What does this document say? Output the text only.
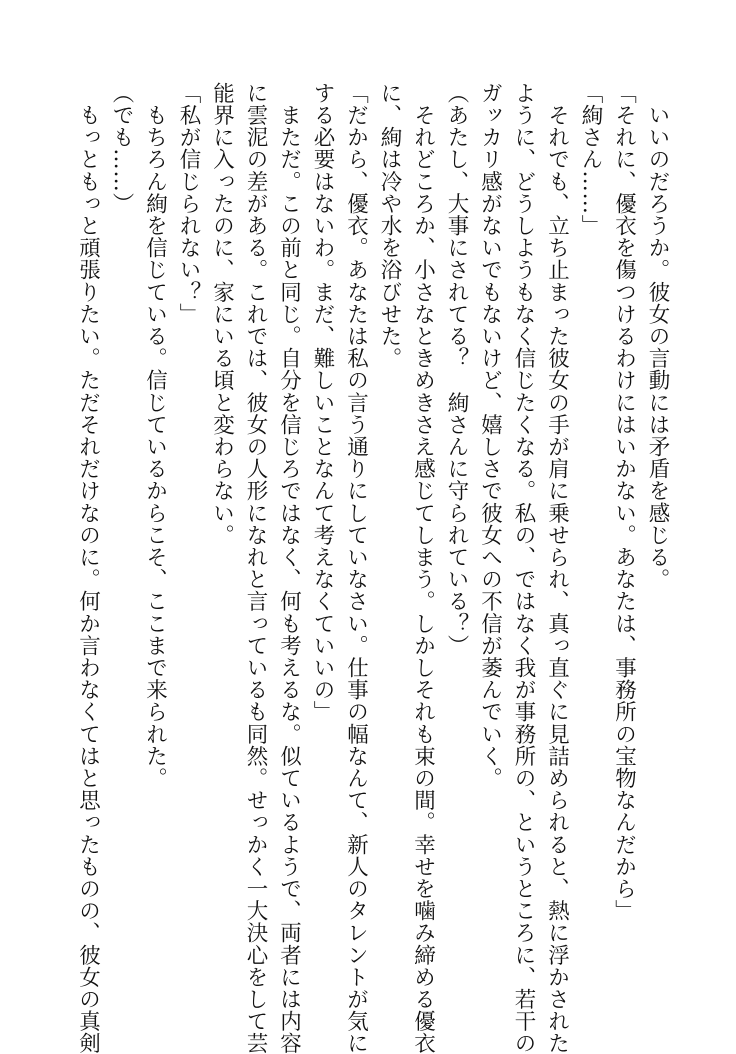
　いいのだろうか。彼女の言動には矛盾を感じる。

「それに、優衣を傷つけるわけにはいかない。あなたは、事務所の宝物なんだから」

「絢さん……」

　それでも、立ち止まった彼女の手が肩に乗せられ、真っ直ぐに見詰められると、熱に浮かされた

ように、どうしようもなく信じたくなる。私の、ではなく我が事務所の、というところに、若干の

ガッカリ感がないでもないけど、嬉しさで彼女への不信が萎んでいく。

（あたし、大事にされてる？　絢さんに守られている？）

　それどころか、小さなときめきさえ感じてしまう。しかしそれも束の間。幸せを噛み締める優衣

に、絢は冷や水を浴びせた。

「だから、優衣。あなたは私の言う通りにしていなさい。仕事の幅なんて、新人のタレントが気に

する必要はないわ。まだ、難しいことなんて考えなくていいの」

　まただ。この前と同じ。自分を信じろではなく、何も考えるな。似ているようで、両者には内容

に雲泥の差がある。これでは、彼女の人形になれと言っているも同然。せっかく一大決心をして芸

能界に入ったのに、家にいる頃と変わらない。

「私が信じられない？」

　もちろん絢を信じている。信じているからこそ、ここまで来られた。

（でも……）

　もっともっと頑張りたい。ただそれだけなのに。何か言わなくてはと思ったものの、彼女の真剣
